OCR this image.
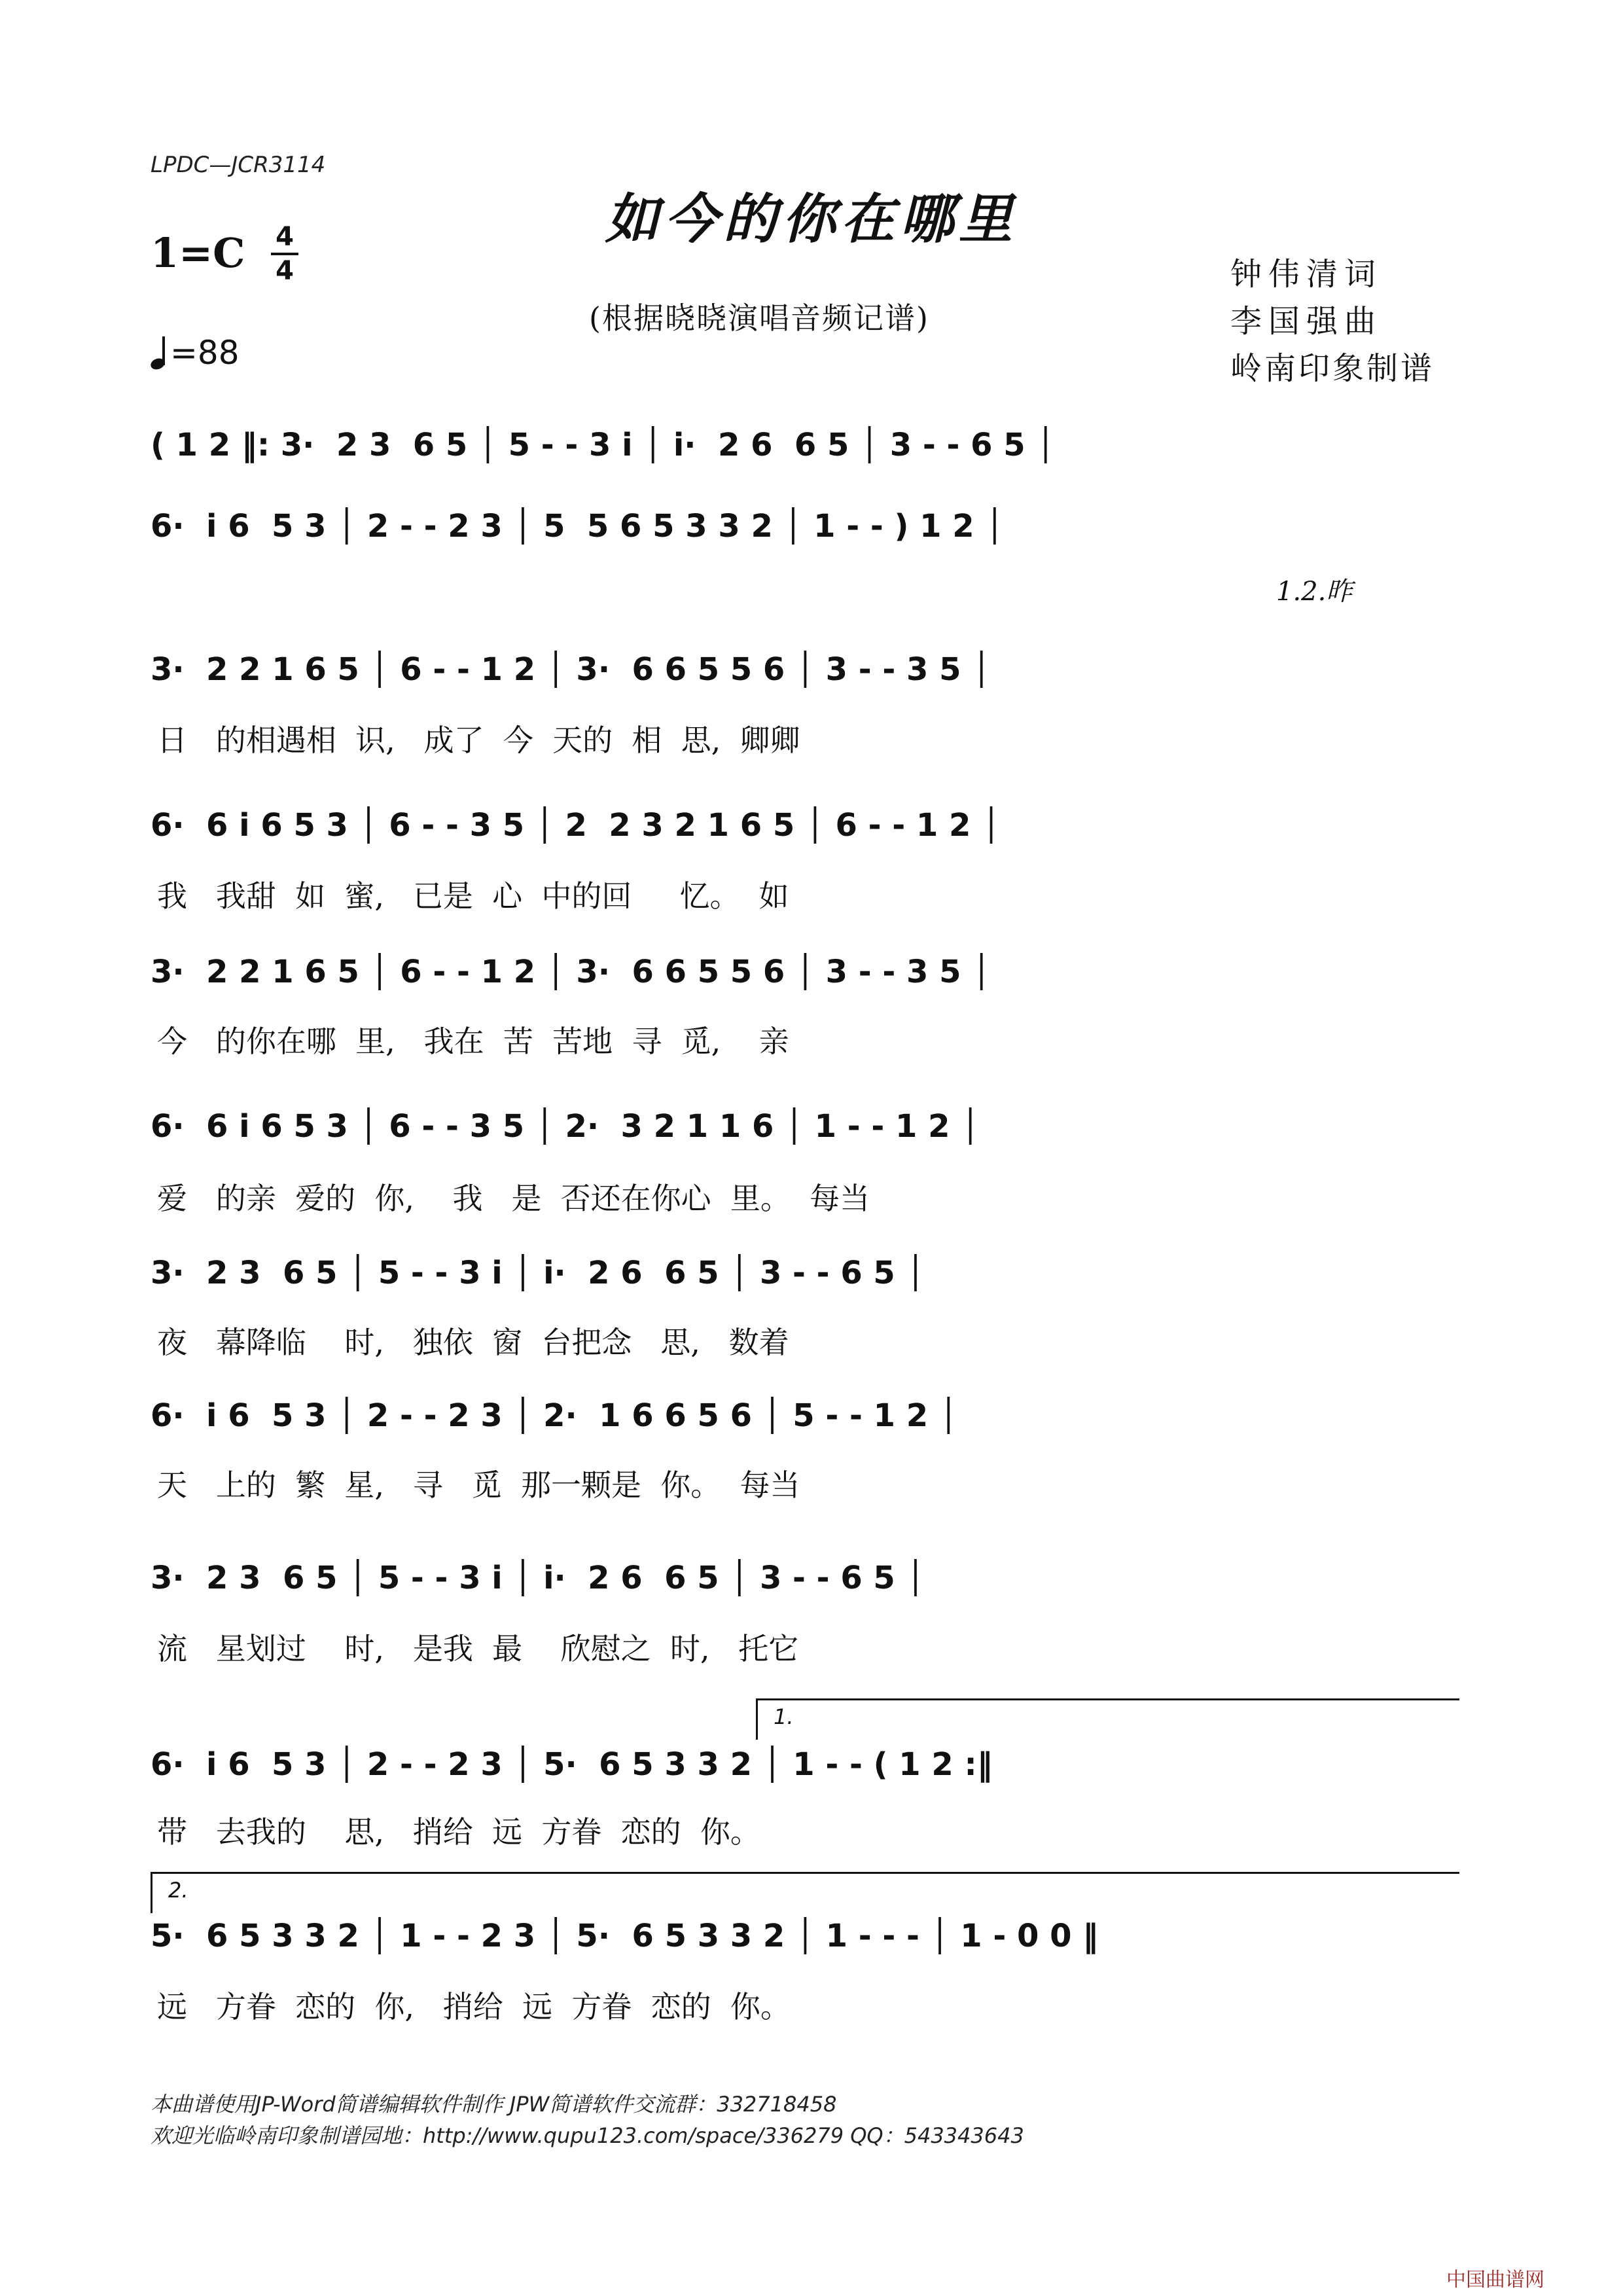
LPDC—JCR3114
如今的你在哪里
1=C 4
4
(根据晓晓演唱音频记谱)
钟伟清词
李国强曲
岭南印象制谱
=88
( 1 2 ‖: 3·  2 3  6 5 │ 5 - - 3 i │ i·  2 6  6 5 │ 3 - - 6 5 │
6·  i 6  5 3 │ 2 - - 2 3 │ 5  5 6 5 3 3 2 │ 1 - - ) 1 2 │
1.2.昨
3·  2 2 1 6 5 │ 6 - - 1 2 │ 3·  6 6 5 5 6 │ 3 - - 3 5 │
日   的相遇相  识,   成了  今  天的  相  思,  卿卿
6·  6 i 6 5 3 │ 6 - - 3 5 │ 2  2 3 2 1 6 5 │ 6 - - 1 2 │
我   我甜  如  蜜,   已是  心  中的回     忆。  如
3·  2 2 1 6 5 │ 6 - - 1 2 │ 3·  6 6 5 5 6 │ 3 - - 3 5 │
今   的你在哪  里,   我在  苦  苦地  寻  觅,    亲
6·  6 i 6 5 3 │ 6 - - 3 5 │ 2·  3 2 1 1 6 │ 1 - - 1 2 │
爱   的亲  爱的  你,    我   是  否还在你心  里。  每当
3·  2 3  6 5 │ 5 - - 3 i │ i·  2 6  6 5 │ 3 - - 6 5 │
夜   幕降临    时,   独依  窗  台把念   思,   数着
6·  i 6  5 3 │ 2 - - 2 3 │ 2·  1 6 6 5 6 │ 5 - - 1 2 │
天   上的  繁  星,   寻   觅  那一颗是  你。  每当
3·  2 3  6 5 │ 5 - - 3 i │ i·  2 6  6 5 │ 3 - - 6 5 │
流   星划过    时,   是我  最    欣慰之  时,   托它
1.
6·  i 6  5 3 │ 2 - - 2 3 │ 5·  6 5 3 3 2 │ 1 - - ( 1 2 :‖
带   去我的    思,   捎给  远  方眷  恋的  你。
2.
5·  6 5 3 3 2 │ 1 - - 2 3 │ 5·  6 5 3 3 2 │ 1 - - - │ 1 - 0 0 ‖
远   方眷  恋的  你,   捎给  远  方眷  恋的  你。
本曲谱使用JP-Word简谱编辑软件制作 JPW简谱软件交流群：332718458
欢迎光临岭南印象制谱园地：http://www.qupu123.com/space/336279 QQ：543343643
中国曲谱网
